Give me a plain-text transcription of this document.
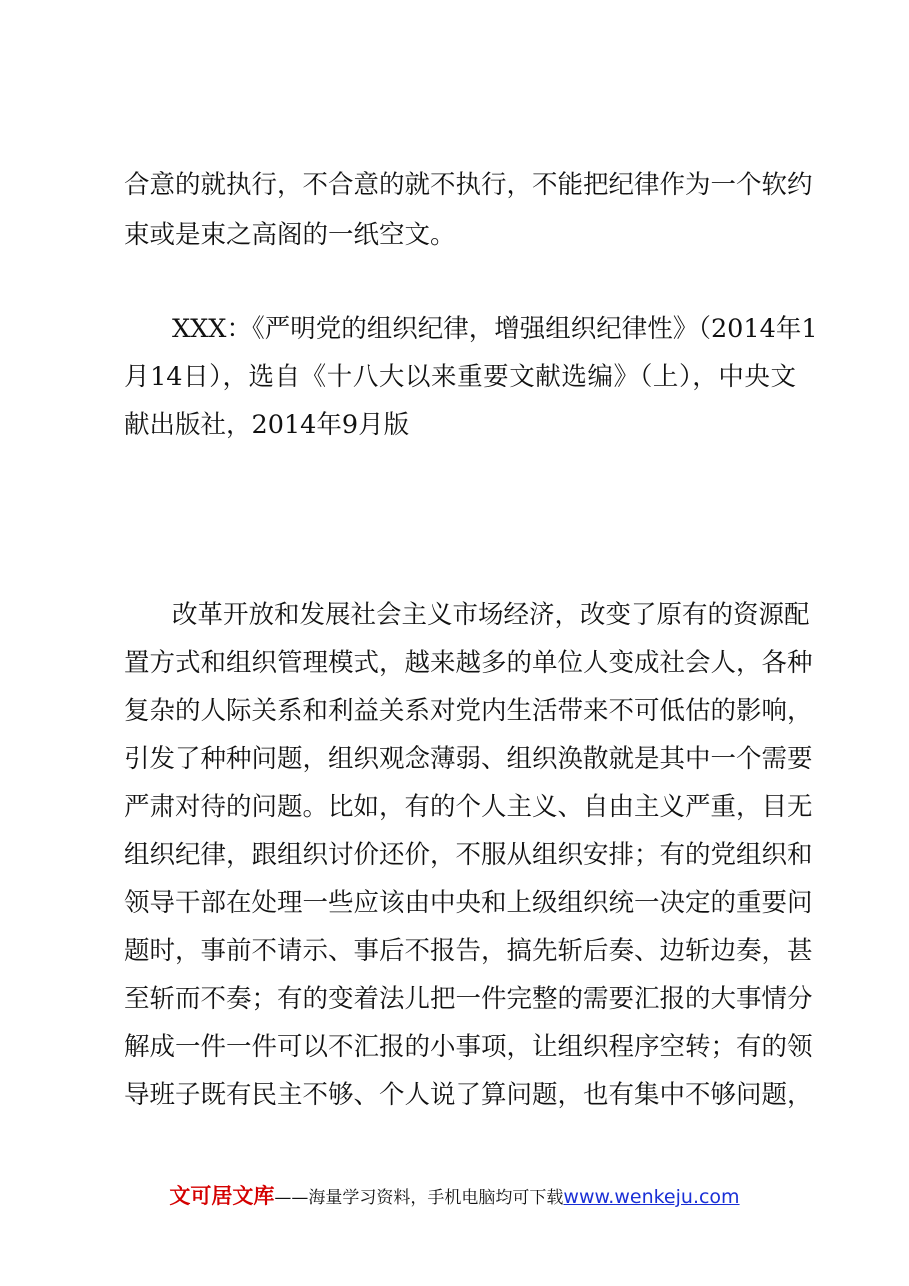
合意的就执行，不合意的就不执行，不能把纪律作为一个软约
束或是束之高阁的一纸空文。
XXX：《严明党的组织纪律，增强组织纪律性》（2014年1
月14日），选自《十八大以来重要文献选编》（上），中央文
献出版社，2014年9月版
改革开放和发展社会主义市场经济，改变了原有的资源配
置方式和组织管理模式，越来越多的单位人变成社会人，各种
复杂的人际关系和利益关系对党内生活带来不可低估的影响，
引发了种种问题，组织观念薄弱、组织涣散就是其中一个需要
严肃对待的问题。比如，有的个人主义、自由主义严重，目无
组织纪律，跟组织讨价还价，不服从组织安排；有的党组织和
领导干部在处理一些应该由中央和上级组织统一决定的重要问
题时，事前不请示、事后不报告，搞先斩后奏、边斩边奏，甚
至斩而不奏；有的变着法儿把一件完整的需要汇报的大事情分
解成一件一件可以不汇报的小事项，让组织程序空转；有的领
导班子既有民主不够、个人说了算问题，也有集中不够问题，
文可居文库——海量学习资料，手机电脑均可下载www.wenkeju.com
